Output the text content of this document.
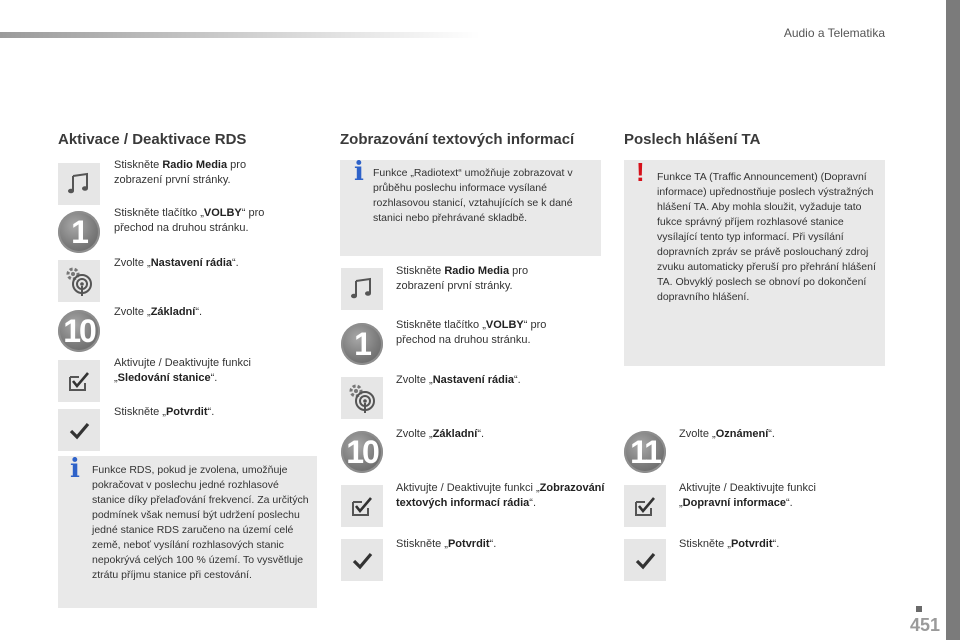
Audio a Telematika
451
Aktivace / Deaktivace RDS
Stiskněte Radio Media pro zobrazení první stránky.
1
Stiskněte tlačítko „VOLBY“ pro přechod na druhou stránku.
Zvolte „Nastavení rádia“.
10
Zvolte „Základní“.
Aktivujte / Deaktivujte funkci „Sledování stanice“.
Stiskněte „Potvrdit“.
i Funkce RDS, pokud je zvolena, umožňuje pokračovat v poslechu jedné rozhlasové stanice díky přelaďování frekvencí. Za určitých podmínek však nemusí být udržení poslechu jedné stanice RDS zaručeno na území celé země, neboť vysílání rozhlasových stanic nepokrývá celých 100 % území. To vysvětluje ztrátu příjmu stanice při cestování.
Zobrazování textových informací
i Funkce „Radiotext“ umožňuje zobrazovat v průběhu poslechu informace vysílané rozhlasovou stanicí, vztahujících se k dané stanici nebo přehrávané skladbě.
Stiskněte Radio Media pro zobrazení první stránky.
1
Stiskněte tlačítko „VOLBY“ pro přechod na druhou stránku.
Zvolte „Nastavení rádia“.
10	Zvolte „Základní“.
Aktivujte / Deaktivujte funkci „Zobrazování textových informací rádia“.
Stiskněte „Potvrdit“.
Poslech hlášení TA
! Funkce TA (Traffic Announcement) (Dopravní informace) upřednostňuje poslech výstražných hlášení TA. Aby mohla sloužit, vyžaduje tato fukce správný příjem rozhlasové stanice vysílající tento typ informací. Při vysílání dopravních zpráv se právě poslouchaný zdroj zvuku automaticky přeruší pro přehrání hlášení TA. Obvyklý poslech se obnoví po dokončení dopravního hlášení.
11	Zvolte „Oznámení“.
Aktivujte / Deaktivujte funkci „Dopravní informace“.
Stiskněte „Potvrdit“.
